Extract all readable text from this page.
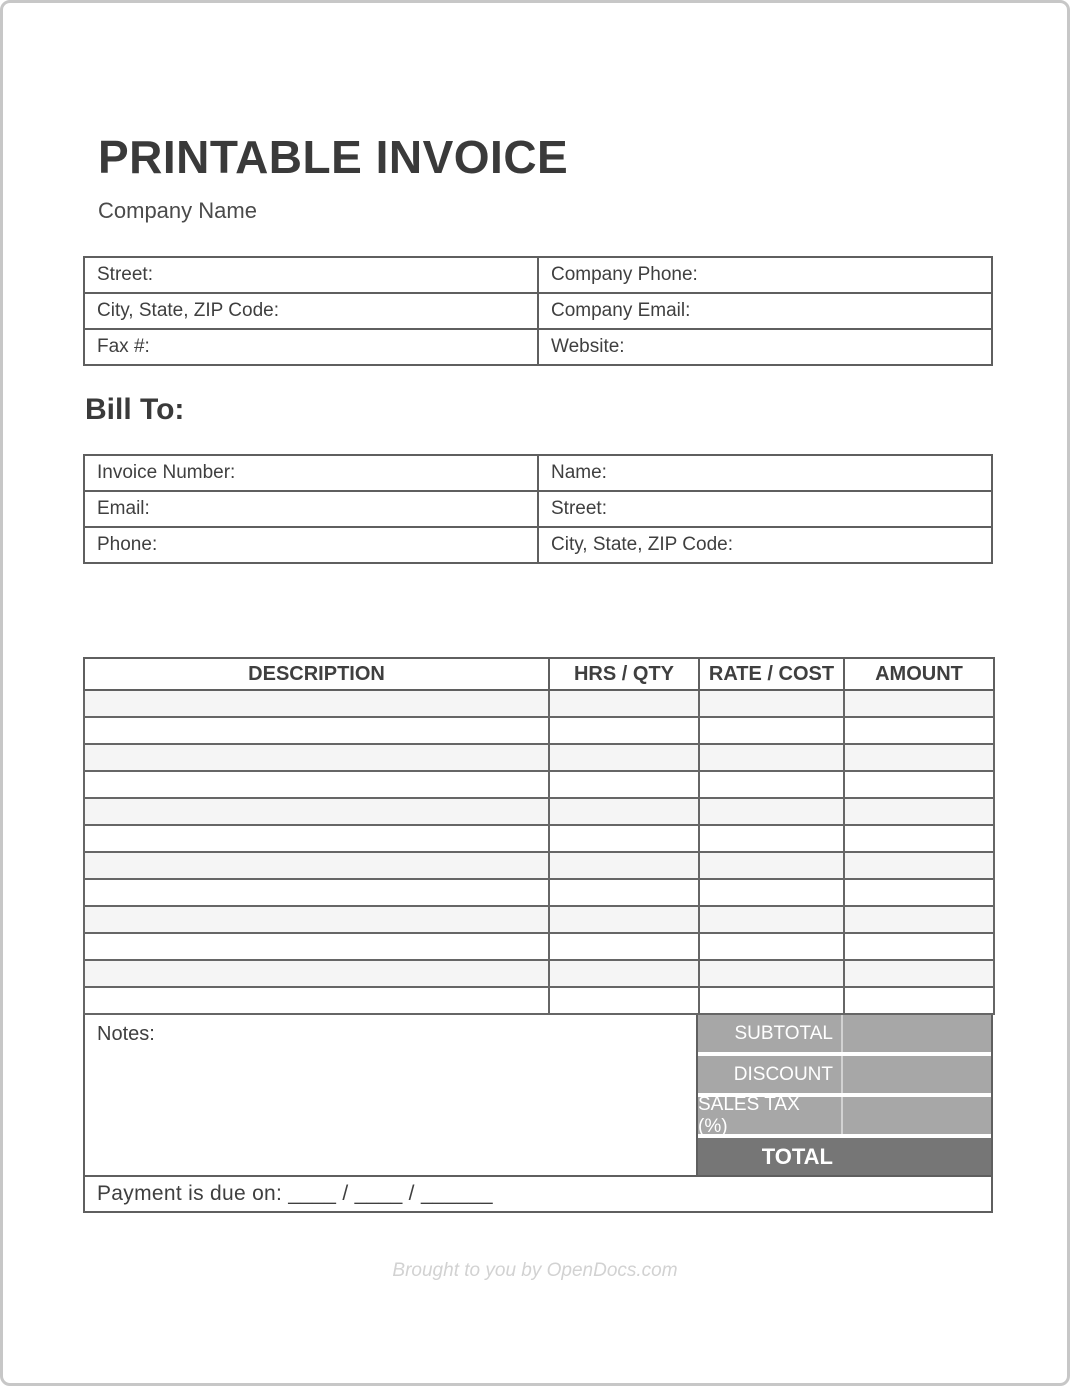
PRINTABLE INVOICE
Company Name
Street:	Company Phone:
City, State, ZIP Code:	Company Email:
Fax #:	Website:
Bill To:
Invoice Number:	Name:
Email:	Street:
Phone:	City, State, ZIP Code:
DESCRIPTION	HRS / QTY	RATE / COST	AMOUNT

Notes:	SUBTOTAL
DISCOUNT
SALES TAX (%)
TOTAL
Payment is due on: ____ / ____ / ______
Brought to you by OpenDocs.com
